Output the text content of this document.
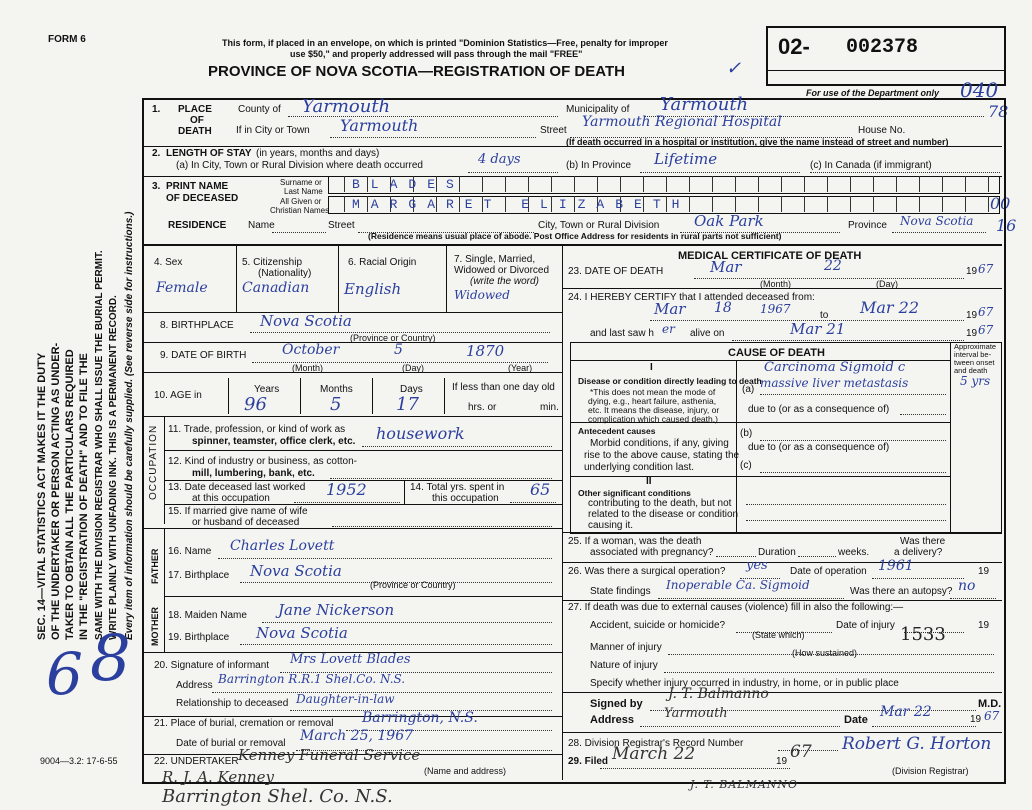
FORM 6
SEC. 14—VITAL STATISTICS ACT MAKES IT THE DUTY OF THE UNDERTAKER OR PERSON ACTING AS UNDER- TAKER TO OBTAIN ALL THE PARTICULARS REQUIRED IN THE "REGISTRATION OF DEATH" AND TO FILE THE SAME WITH THE DIVISION REGISTRAR WHO SHALL ISSUE THE BURIAL PERMIT. WRITE PLAINLY WITH UNFADING INK. THIS IS A PERMANENT RECORD. Every item of information should be carefully supplied. (See reverse side for instructions.)
6 8
9004—3.2: 17-6-55
This form, if placed in an envelope, on which is printed "Dominion Statistics—Free, penalty for improper
use $50," and properly addressed will pass through the mail "FREE"
PROVINCE OF NOVA SCOTIA—REGISTRATION OF DEATH	✓
02- 002378
For use of the Department only 040
78
00
16
1. PLACE
OF
DEATH
County of Yarmouth	Municipality of Yarmouth
If in City or Town Yarmouth	Street
Yarmouth Regional Hospital
House No.
(If death occurred in a hospital or institution, give the name instead of street and number)
2. LENGTH OF STAY (in years, months and days)
(a) In City, Town or Rural Division where death occurred	4 days	(b) In Province Lifetime	(c) In Canada (if immigrant)
3. PRINT NAME
OF DECEASED
Surname or
Last Name BLADES
All Given or
Christian Names MARGARET ELIZABETH
RESIDENCE Name	Street	City, Town or Rural Division Oak Park	Province Nova Scotia
(Residence means usual place of abode. Post Office Address for residents in rural parts not sufficient)
4. Sex
Female
5. Citizenship
(Nationality)
Canadian
6. Racial Origin
English
7. Single, Married,
Widowed or Divorced
(write the word)
Widowed
8. BIRTHPLACE Nova Scotia
(Province or Country)
9. DATE OF BIRTH	October	5	1870
(Month)	(Day)	(Year)
10. AGE in
Years	Months	Days
96	5	17
If less than one day old
hrs. or	min.
OCCUPATION 11. Trade, profession, or kind of work as
spinner, teamster, office clerk, etc. housework
12. Kind of industry or business, as cotton-
mill, lumbering, bank, etc.
13. Date deceased last worked
at this occupation	1952	14. Total yrs. spent in
this occupation 65
15. If married give name of wife
or husband of deceased
FATHER
MOTHER
16. Name Charles Lovett
17. Birthplace Nova Scotia
(Province or Country)
18. Maiden Name Jane Nickerson
19. Birthplace Nova Scotia
20. Signature of informant Mrs Lovett Blades
Address Barrington R.R.1 Shel.Co. N.S.
Relationship to deceased Daughter-in-law
21. Place of burial, cremation or removal Barrington, N.S.
Date of burial or removal March 25, 1967
22. UNDERTAKER Kenney Funeral Service
(Name and address)
R. J. A. Kenney
Barrington Shel. Co. N.S.
MEDICAL CERTIFICATE OF DEATH
23. DATE OF DEATH	Mar	22	19 67
(Month)	(Day)
24. I HEREBY CERTIFY that I attended deceased from:
Mar 18 1967	to Mar 22	19 67
and last saw h er alive on	Mar 21	19 67
CAUSE OF DEATH
Approximate
interval be-
tween onset
and death
I
Disease or condition directly leading to death
*This does not mean the mode of
dying, e.g., heart failure, asthenia,
etc. It means the disease, injury, or
complication which caused death.)
(a)
Carcinoma Sigmoid c
massive liver metastasis	5 yrs
due to (or as a consequence of)
Antecedent causes
Morbid conditions, if any, giving
rise to the above cause, stating the
underlying condition last.
(b)
due to (or as a consequence of)
(c)
II
Other significant conditions
contributing to the death, but not
related to the disease or condition
causing it.
25. If a woman, was the death
associated with pregnancy?	Duration	weeks.
Was there
a delivery?
26. Was there a surgical operation? yes Date of operation 1961	19
State findings Inoperable Ca. Sigmoid	Was there an autopsy? no
27. If death was due to external causes (violence) fill in also the following:—
Accident, suicide or homicide?	Date of injury	19
(State which)
Manner of injury
1533
(How sustained)
Nature of injury
Specify whether injury occurred in industry, in home, or in public place
Signed by
J. T. Balmanno
M.D.
Address Yarmouth	Date Mar 22	19 67
28. Division Registrar's Record Number
29. Filed March 22	19 67 Robert G. Horton
(Division Registrar)
J. T. BALMANNO
